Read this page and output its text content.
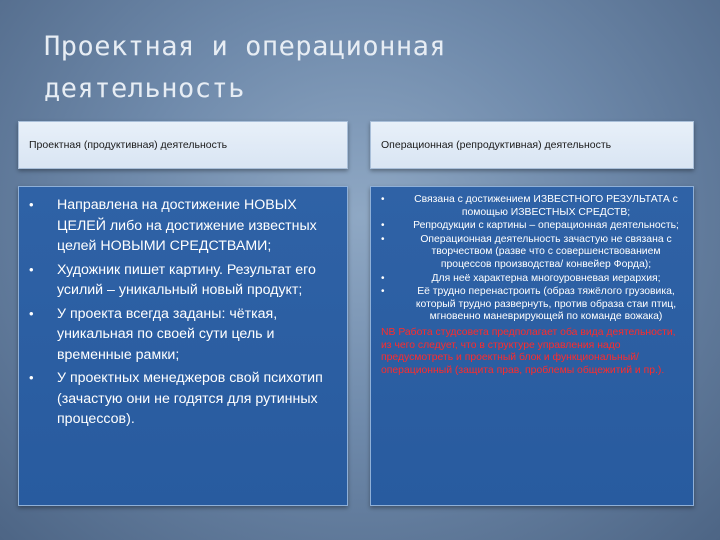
Проектная и операционная
деятельность
Проектная (продуктивная) деятельность	Операционная (репродуктивная) деятельность
• Направлена на достижение НОВЫХ ЦЕЛЕЙ либо на достижение известных целей НОВЫМИ СРЕДСТВАМИ;
• Художник пишет картину. Результат его усилий – уникальный новый продукт;
• У проекта всегда заданы: чёткая, уникальная по своей сути цель и временные рамки;
• У проектных менеджеров свой психотип (зачастую они не годятся для рутинных процессов).
•	Связана с достижением ИЗВЕСТНОГО РЕЗУЛЬТАТА с помощью ИЗВЕСТНЫХ СРЕДСТВ;
•	Репродукции с картины – операционная деятельность;
•	Операционная деятельность зачастую не связана с творчеством (разве что с совершенствованием процессов производства/ конвейер Форда);
•	Для неё характерна многоуровневая иерархия;
•	Её трудно перенастроить (образ тяжёлого грузовика, который трудно развернуть, против образа стаи птиц, мгновенно маневрирующей по команде вожака)
NB Работа студсовета предполагает оба вида деятельности, из чего следует, что в структуре управления надо предусмотреть и проектный блок и функциональный/операционный (защита прав, проблемы общежитий и пр.).
